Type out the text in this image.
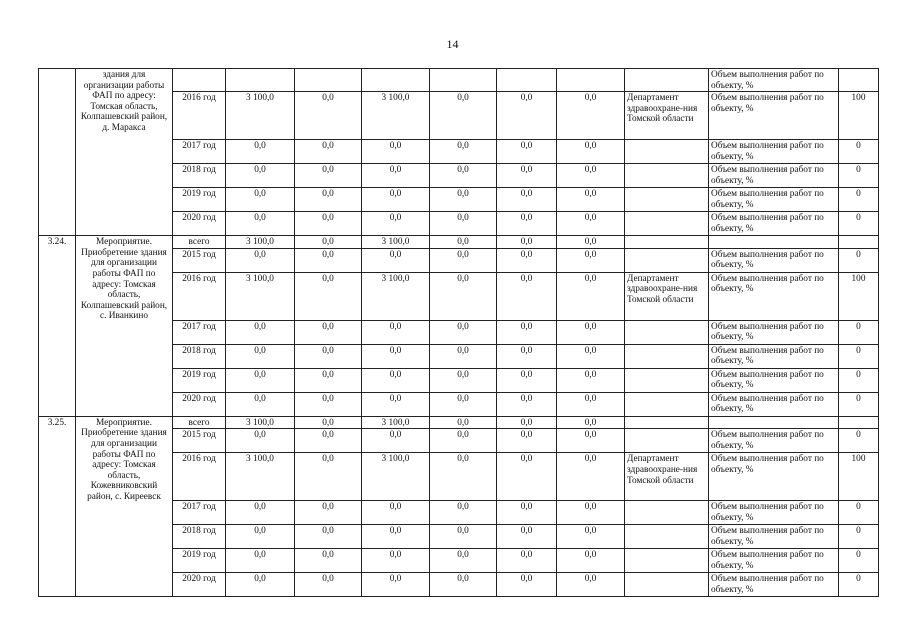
14
	здания для организации работы ФАП по адресу: Томская область, Колпашевский район, д. Маракса									Объем выполнения работ по объекту, %	
		2016 год	3 100,0	0,0	3 100,0	0,0	0,0	0,0	Департамент здравоохране-ния Томской области	Объем выполнения работ по объекту, %	100
		2017 год	0,0	0,0	0,0	0,0	0,0	0,0		Объем выполнения работ по объекту, %	0
		2018 год	0,0	0,0	0,0	0,0	0,0	0,0		Объем выполнения работ по объекту, %	0
		2019 год	0,0	0,0	0,0	0,0	0,0	0,0		Объем выполнения работ по объекту, %	0
		2020 год	0,0	0,0	0,0	0,0	0,0	0,0		Объем выполнения работ по объекту, %	0
3.24.	Мероприятие. Приобретение здания для организации работы ФАП по адресу: Томская область, Колпашевский район, с. Иванкино	всего	3 100,0	0,0	3 100,0	0,0	0,0	0,0			
		2015 год	0,0	0,0	0,0	0,0	0,0	0,0		Объем выполнения работ по объекту, %	0
		2016 год	3 100,0	0,0	3 100,0	0,0	0,0	0,0	Департамент здравоохране-ния Томской области	Объем выполнения работ по объекту, %	100
		2017 год	0,0	0,0	0,0	0,0	0,0	0,0		Объем выполнения работ по объекту, %	0
		2018 год	0,0	0,0	0,0	0,0	0,0	0,0		Объем выполнения работ по объекту, %	0
		2019 год	0,0	0,0	0,0	0,0	0,0	0,0		Объем выполнения работ по объекту, %	0
		2020 год	0,0	0,0	0,0	0,0	0,0	0,0		Объем выполнения работ по объекту, %	0
3.25.	Мероприятие. Приобретение здания для организации работы ФАП по адресу: Томская область, Кожевниковский район, с. Киреевск	всего	3 100,0	0,0	3 100,0	0,0	0,0	0,0			
		2015 год	0,0	0,0	0,0	0,0	0,0	0,0		Объем выполнения работ по объекту, %	0
		2016 год	3 100,0	0,0	3 100,0	0,0	0,0	0,0	Департамент здравоохране-ния Томской области	Объем выполнения работ по объекту, %	100
		2017 год	0,0	0,0	0,0	0,0	0,0	0,0		Объем выполнения работ по объекту, %	0
		2018 год	0,0	0,0	0,0	0,0	0,0	0,0		Объем выполнения работ по объекту, %	0
		2019 год	0,0	0,0	0,0	0,0	0,0	0,0		Объем выполнения работ по объекту, %	0
		2020 год	0,0	0,0	0,0	0,0	0,0	0,0		Объем выполнения работ по объекту, %	0
